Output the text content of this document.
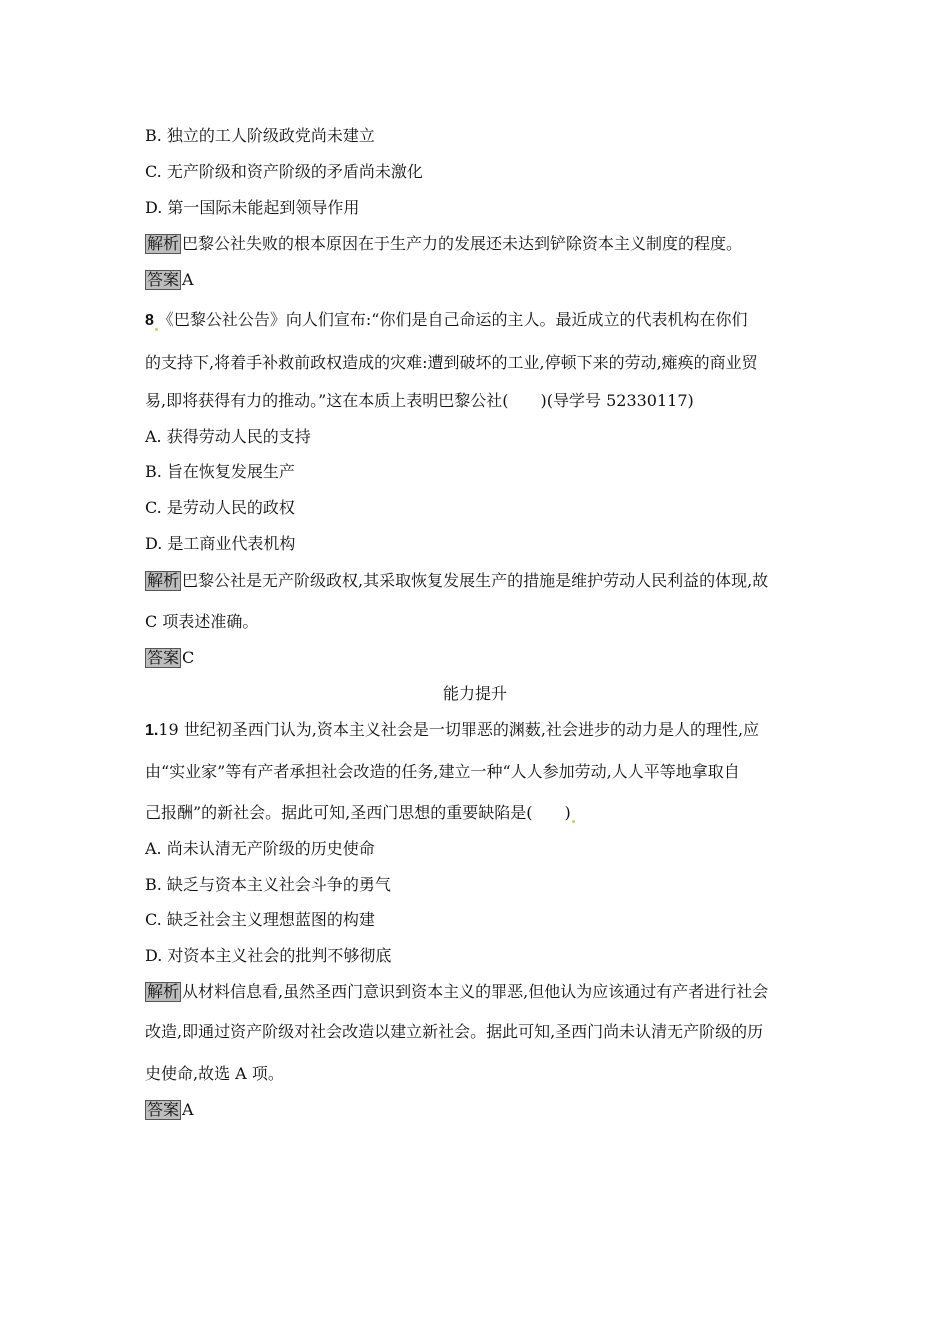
B. 独立的工人阶级政党尚未建立
C. 无产阶级和资产阶级的矛盾尚未激化
D. 第一国际未能起到领导作用
解析 巴黎公社失败的根本原因在于生产力的发展还未达到铲除资本主义制度的程度。
答案 A
8 《巴黎公社公告》向人们宣布:“你们是自己命运的主人。最近成立的代表机构在你们
的支持下,将着手补救前政权造成的灾难:遭到破坏的工业,停顿下来的劳动,瘫痪的商业贸
易,即将获得有力的推动。”这在本质上表明巴黎公社(　　)(导学号 52330117)
A. 获得劳动人民的支持
B. 旨在恢复发展生产
C. 是劳动人民的政权
D. 是工商业代表机构
解析 巴黎公社是无产阶级政权,其采取恢复发展生产的措施是维护劳动人民利益的体现,故
C 项表述准确。
答案 C
能力提升
1.19 世纪初圣西门认为,资本主义社会是一切罪恶的渊薮,社会进步的动力是人的理性,应
由“实业家”等有产者承担社会改造的任务,建立一种“人人参加劳动,人人平等地拿取自
己报酬”的新社会。据此可知,圣西门思想的重要缺陷是(　　)
A. 尚未认清无产阶级的历史使命
B. 缺乏与资本主义社会斗争的勇气
C. 缺乏社会主义理想蓝图的构建
D. 对资本主义社会的批判不够彻底
解析 从材料信息看,虽然圣西门意识到资本主义的罪恶,但他认为应该通过有产者进行社会
改造,即通过资产阶级对社会改造以建立新社会。据此可知,圣西门尚未认清无产阶级的历
史使命,故选 A 项。
答案 A
